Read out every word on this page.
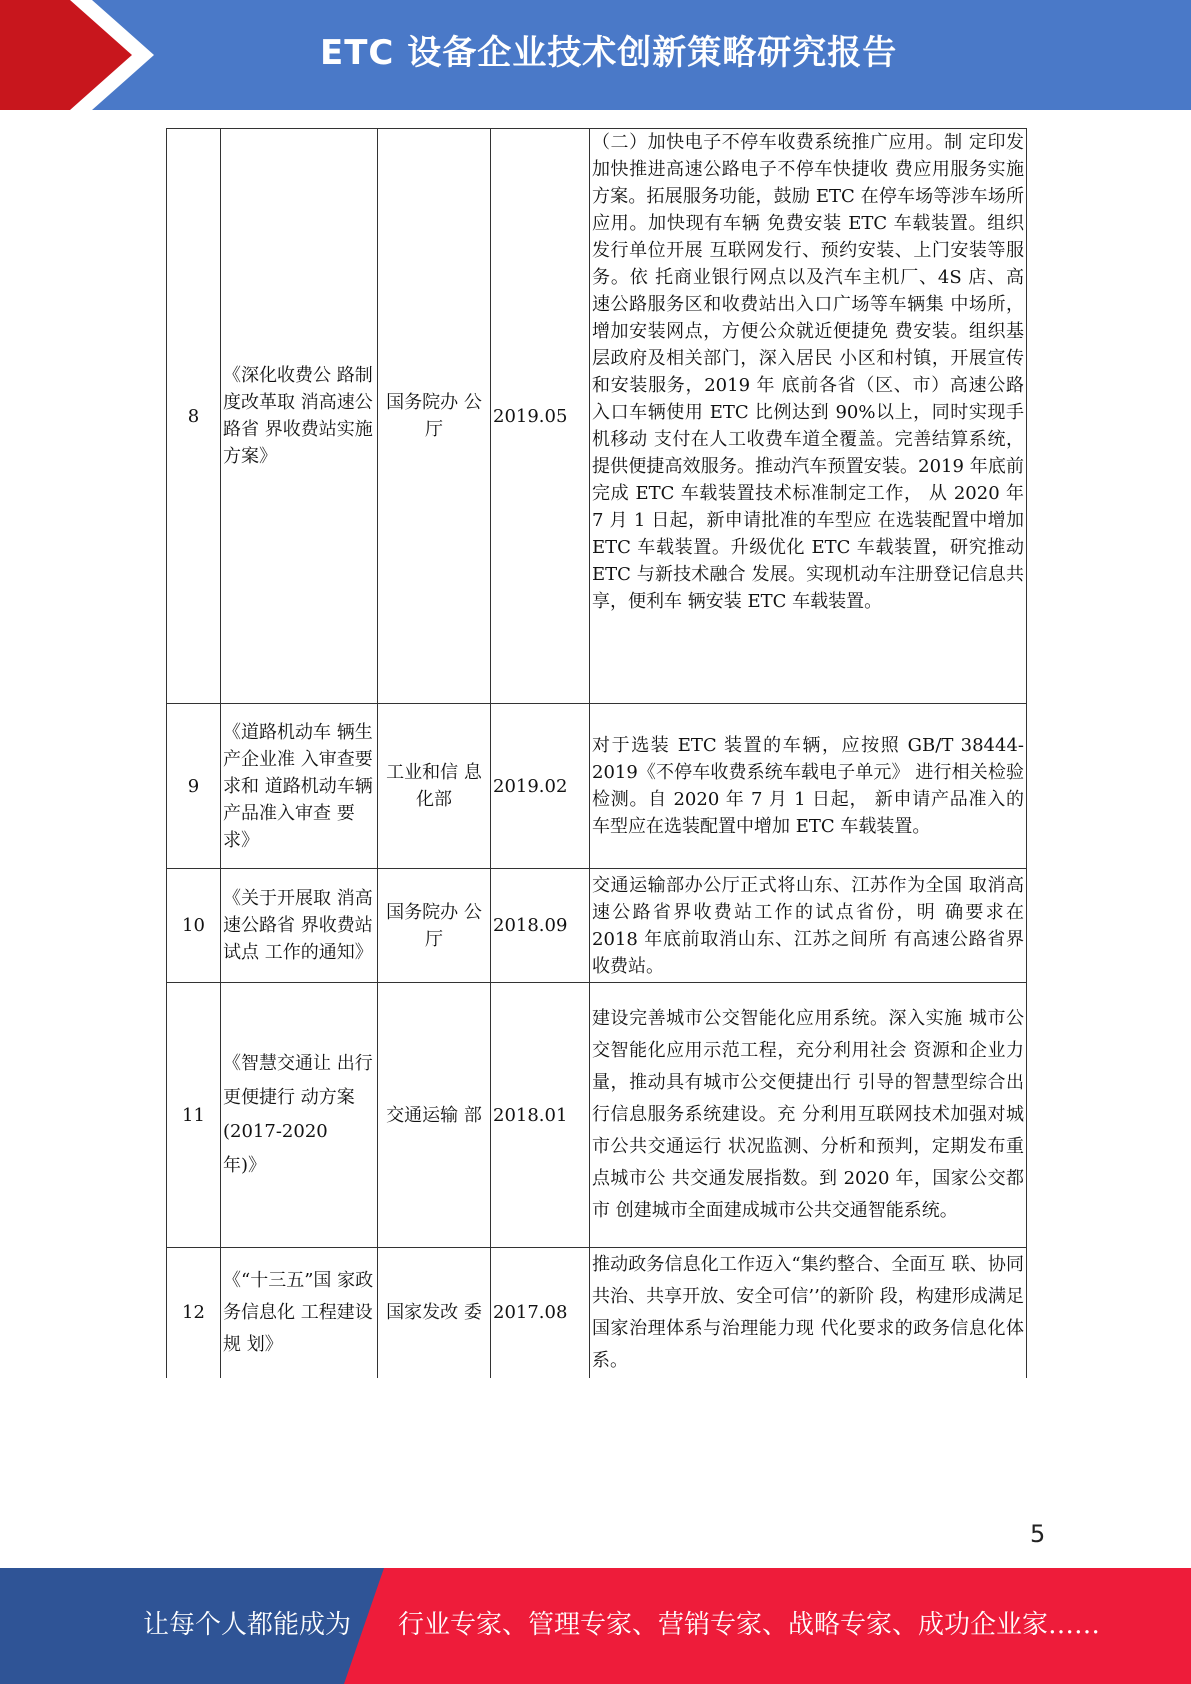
ETC 设备企业技术创新策略研究报告
8	《深化收费公 路制度改革取 消高速公路省 界收费站实施 方案》	国务院办 公厅	2019.05	（二）加快电子不停车收费系统推广应用。制 定印发加快推进高速公路电子不停车快捷收 费应用服务实施方案。拓展服务功能，鼓励 ETC 在停车场等涉车场所应用。加快现有车辆 免费安装 ETC 车载装置。组织发行单位开展 互联网发行、预约安装、上门安装等服务。依 托商业银行网点以及汽车主机厂、4S 店、高 速公路服务区和收费站出入口广场等车辆集 中场所，增加安装网点，方便公众就近便捷免 费安装。组织基层政府及相关部门，深入居民 小区和村镇，开展宣传和安装服务，2019 年 底前各省（区、市）高速公路入口车辆使用 ETC 比例达到 90%以上，同时实现手机移动 支付在人工收费车道全覆盖。完善结算系统，提供便捷高效服务。推动汽车预置安装。2019 年底前完成 ETC 车载装置技术标准制定工作， 从 2020 年 7 月 1 日起，新申请批准的车型应 在选装配置中增加 ETC 车载装置。升级优化 ETC 车载装置，研究推动 ETC 与新技术融合 发展。实现机动车注册登记信息共享，便利车 辆安装 ETC 车载装置。
9	《道路机动车 辆生产企业准 入审查要求和 道路机动车辆 产品准入审查 要求》	工业和信 息化部	2019.02	对于选装 ETC 装置的车辆，应按照 GB/T 38444-2019《不停车收费系统车载电子单元》 进行相关检验检测。自 2020 年 7 月 1 日起， 新申请产品准入的车型应在选装配置中增加 ETC 车载装置。
10	《关于开展取 消高速公路省 界收费站试点 工作的通知》	国务院办 公厅	2018.09	交通运输部办公厅正式将山东、江苏作为全国 取消高速公路省界收费站工作的试点省份，明 确要求在 2018 年底前取消山东、江苏之间所 有高速公路省界收费站。
11	《智慧交通让 出行更便捷行 动方案
(2017-2020
年)》	交通运输 部	2018.01	建设完善城市公交智能化应用系统。深入实施 城市公交智能化应用示范工程，充分利用社会 资源和企业力量，推动具有城市公交便捷出行 引导的智慧型综合出行信息服务系统建设。充 分利用互联网技术加强对城市公共交通运行 状况监测、分析和预判，定期发布重点城市公 共交通发展指数。到 2020 年，国家公交都市 创建城市全面建成城市公共交通智能系统。
12	《“十三五”国 家政务信息化 工程建设规 划》	国家发改 委	2017.08	推动政务信息化工作迈入“集约整合、全面互 联、协同共治、共享开放、安全可信’’的新阶 段，构建形成满足国家治理体系与治理能力现 代化要求的政务信息化体系。
5
让每个人都能成为 行业专家、管理专家、营销专家、战略专家、成功企业家……
